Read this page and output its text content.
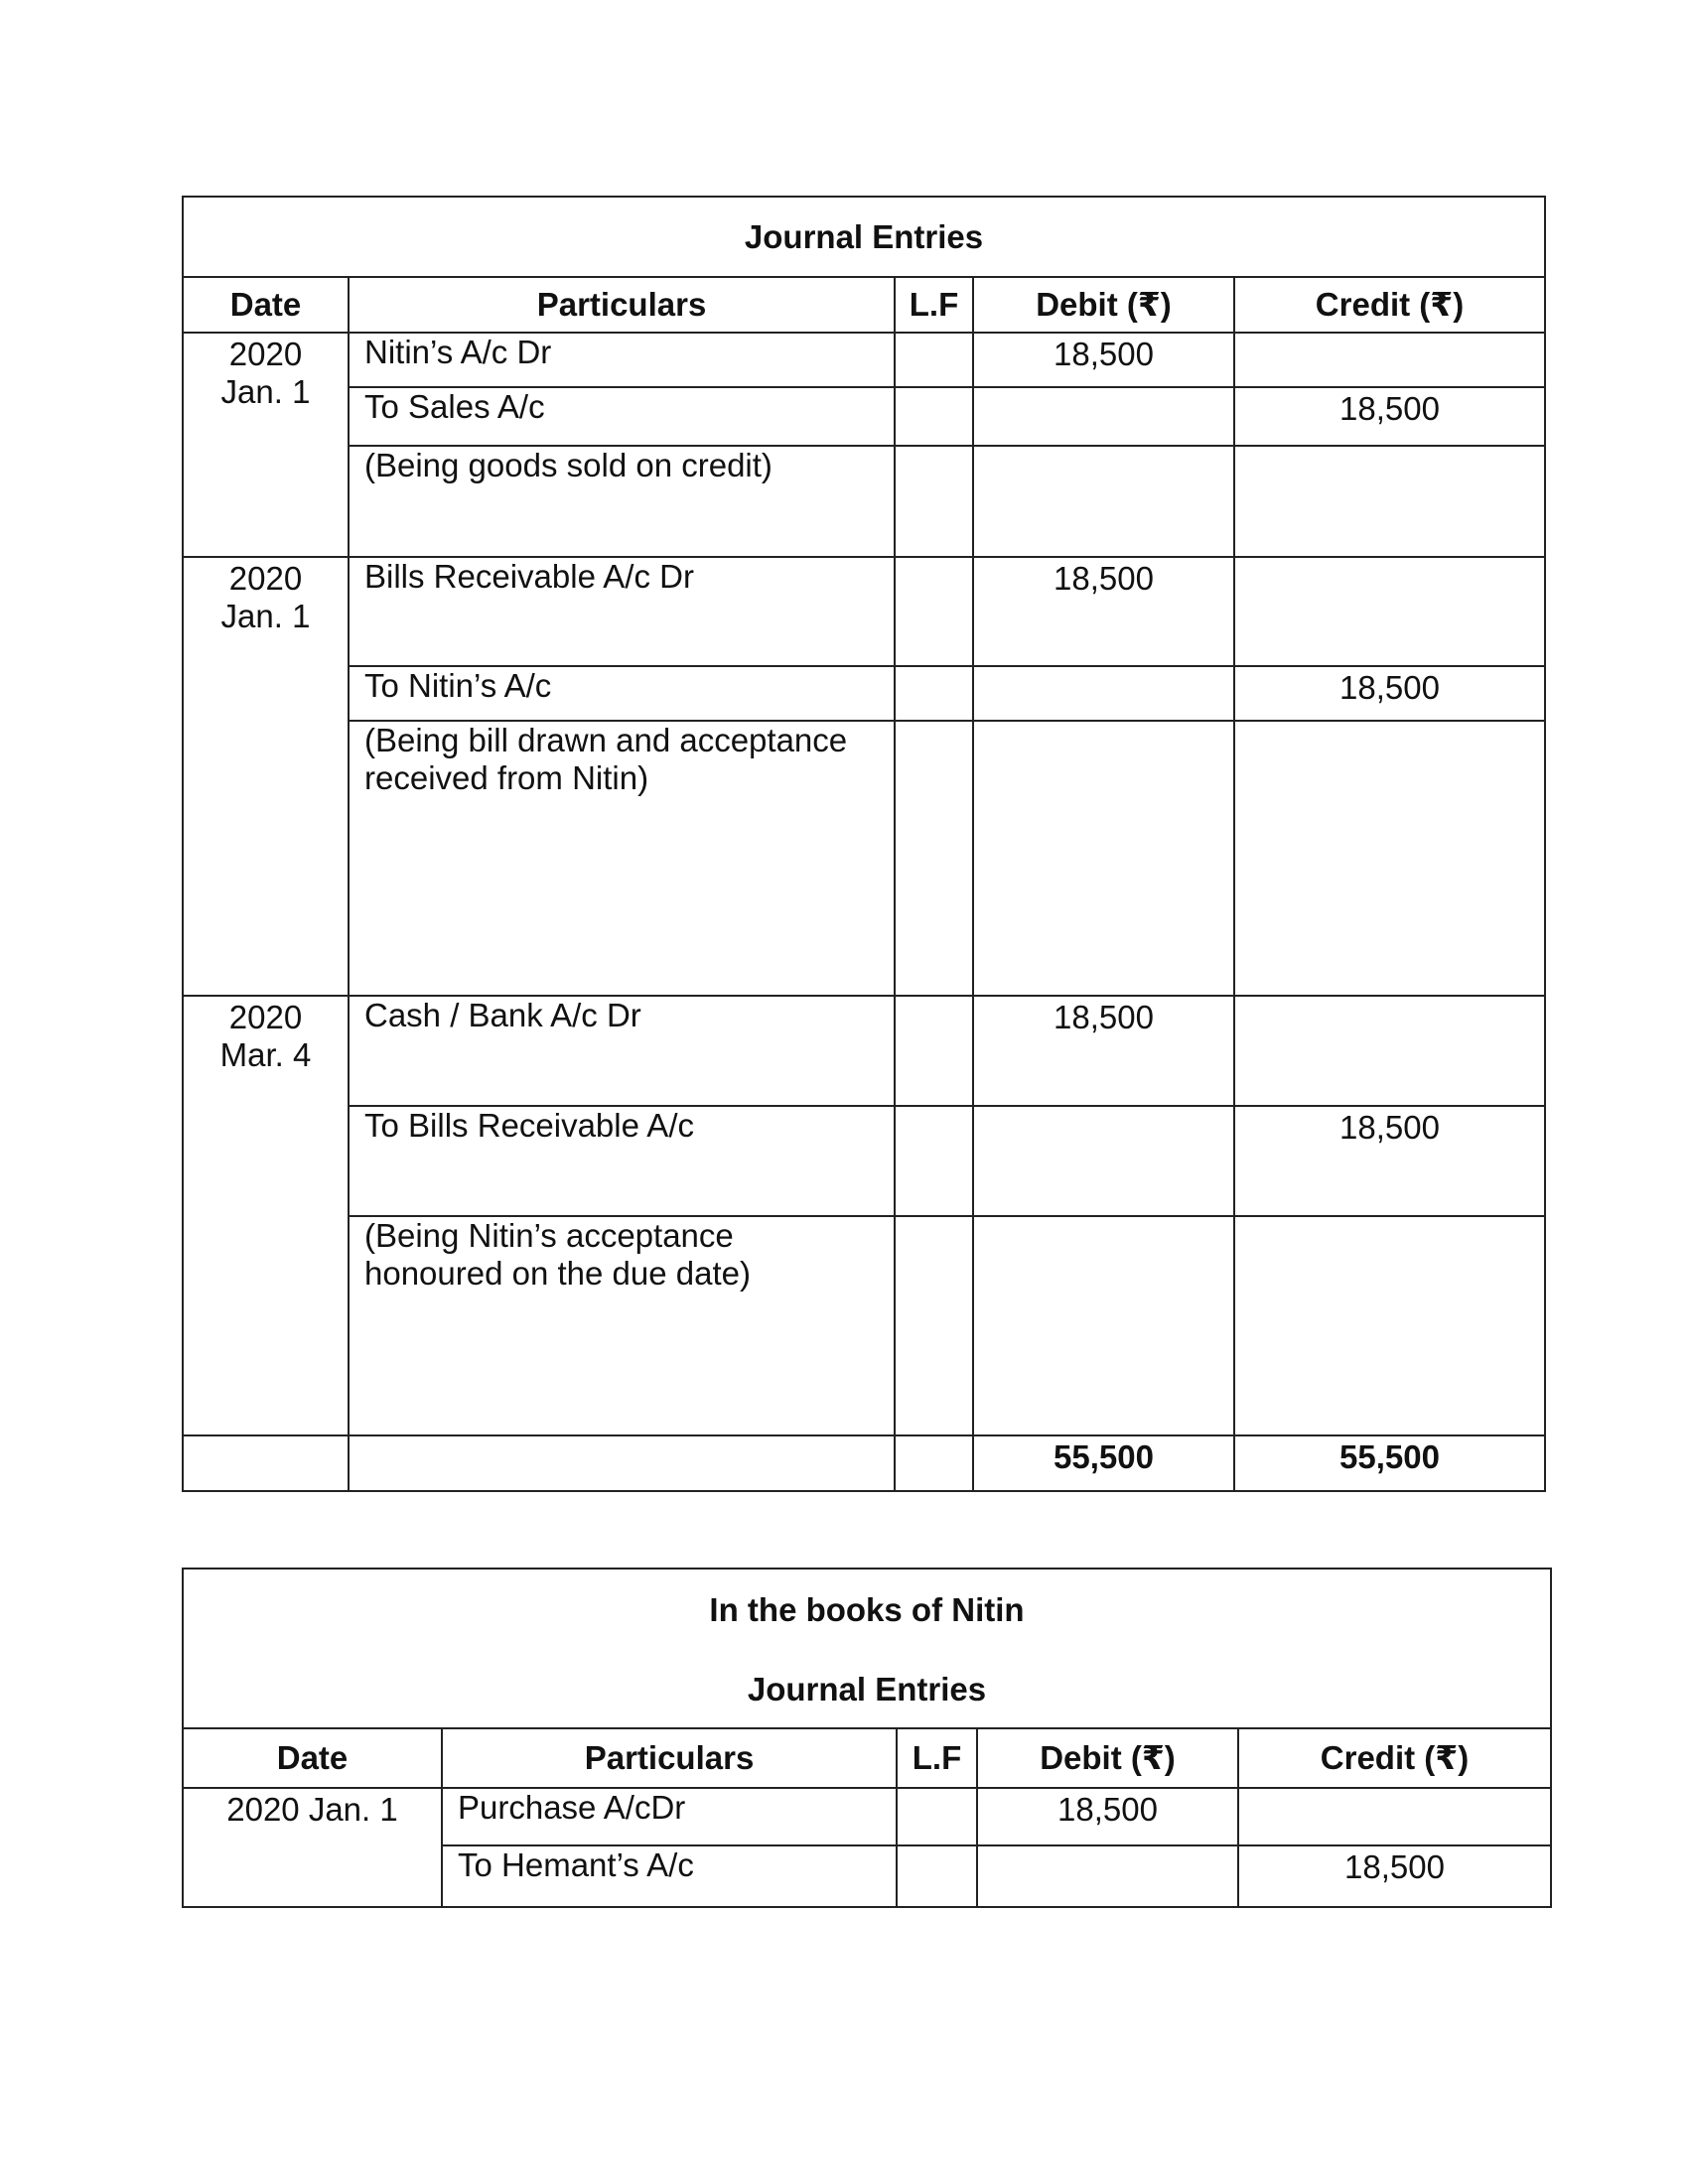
Journal Entries				
Date	Particulars	L.F	Debit (₹)	Credit (₹)

2020
Jan. 1	Nitin’s A/c Dr		18,500	
	To Sales A/c			18,500
	(Being goods sold on credit)			

2020
Jan. 1	Bills Receivable A/c Dr		18,500	
	To Nitin’s A/c			18,500

	(Being bill drawn and acceptance
received from Nitin)			

2020
Mar. 4	Cash / Bank A/c Dr		18,500	
	To Bills Receivable A/c			18,500

	(Being Nitin’s acceptance
honoured on the due date)			

			55,500	55,500
In the books of Nitin
Journal Entries				

Date	Particulars	L.F	Debit (₹)	Credit (₹)
2020 Jan. 1	Purchase A/cDr		18,500	
	To Hemant’s A/c			18,500
